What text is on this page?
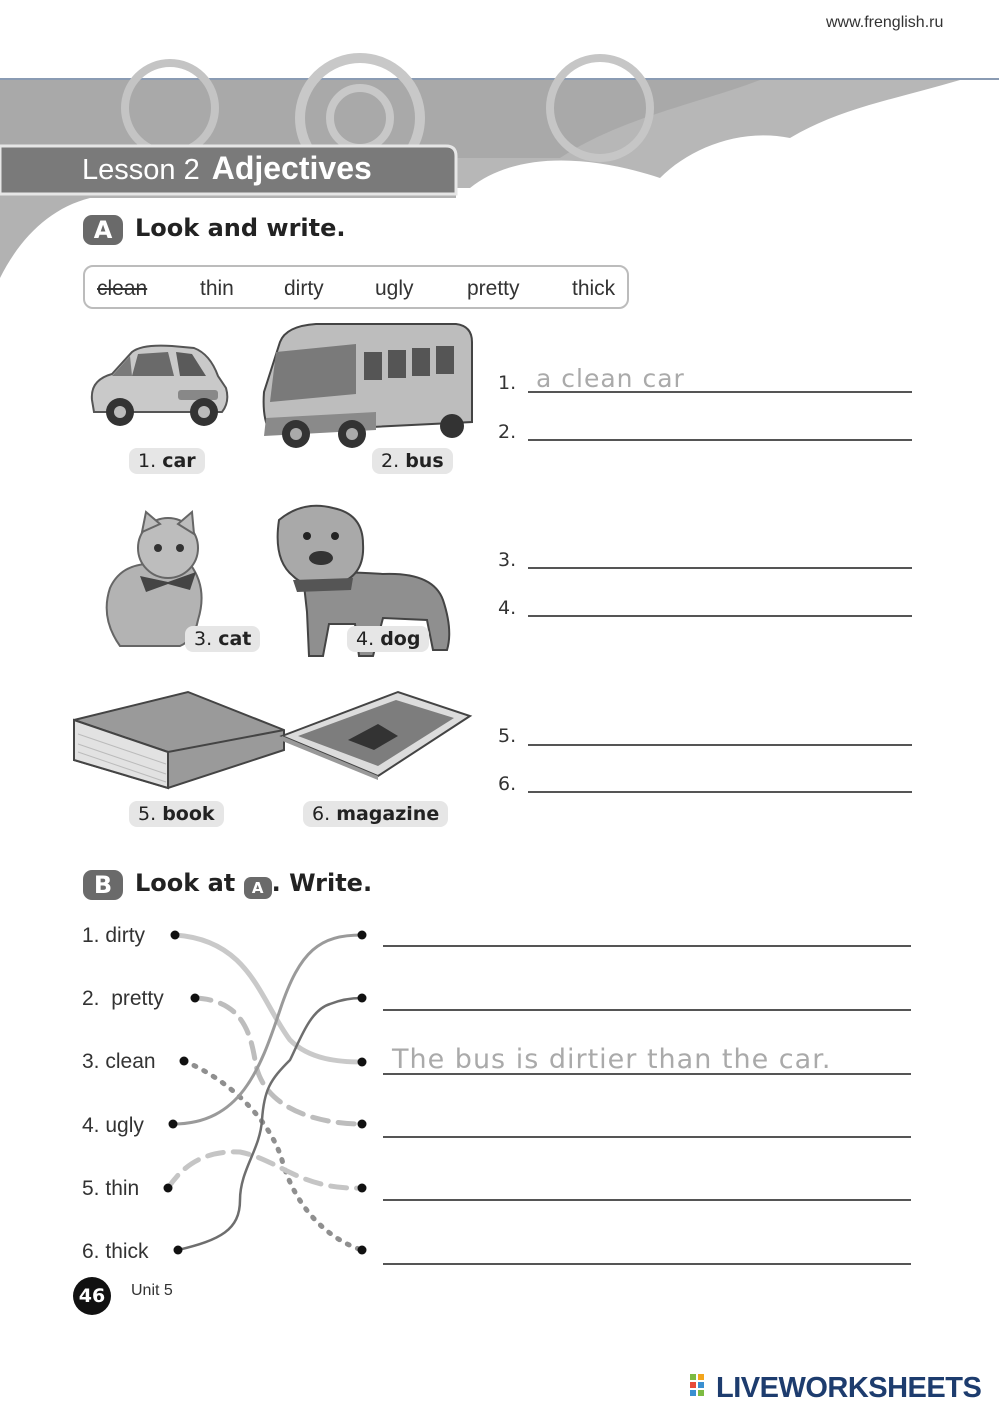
www.frenglish.ru
Lesson 2 Adjectives
A Look and write.
clean	thin dirty ugly	pretty thick
1. car	2. bus
3. cat	4. dog
5. book	6. magazine
1. a clean car
2.
3.
4.
5.
6.
B Look at A . Write.
1. dirty
2. pretty
3. clean
4. ugly
5. thin
6. thick
The bus is dirtier than the car.
46	Unit 5
LIVEWORKSHEETS
